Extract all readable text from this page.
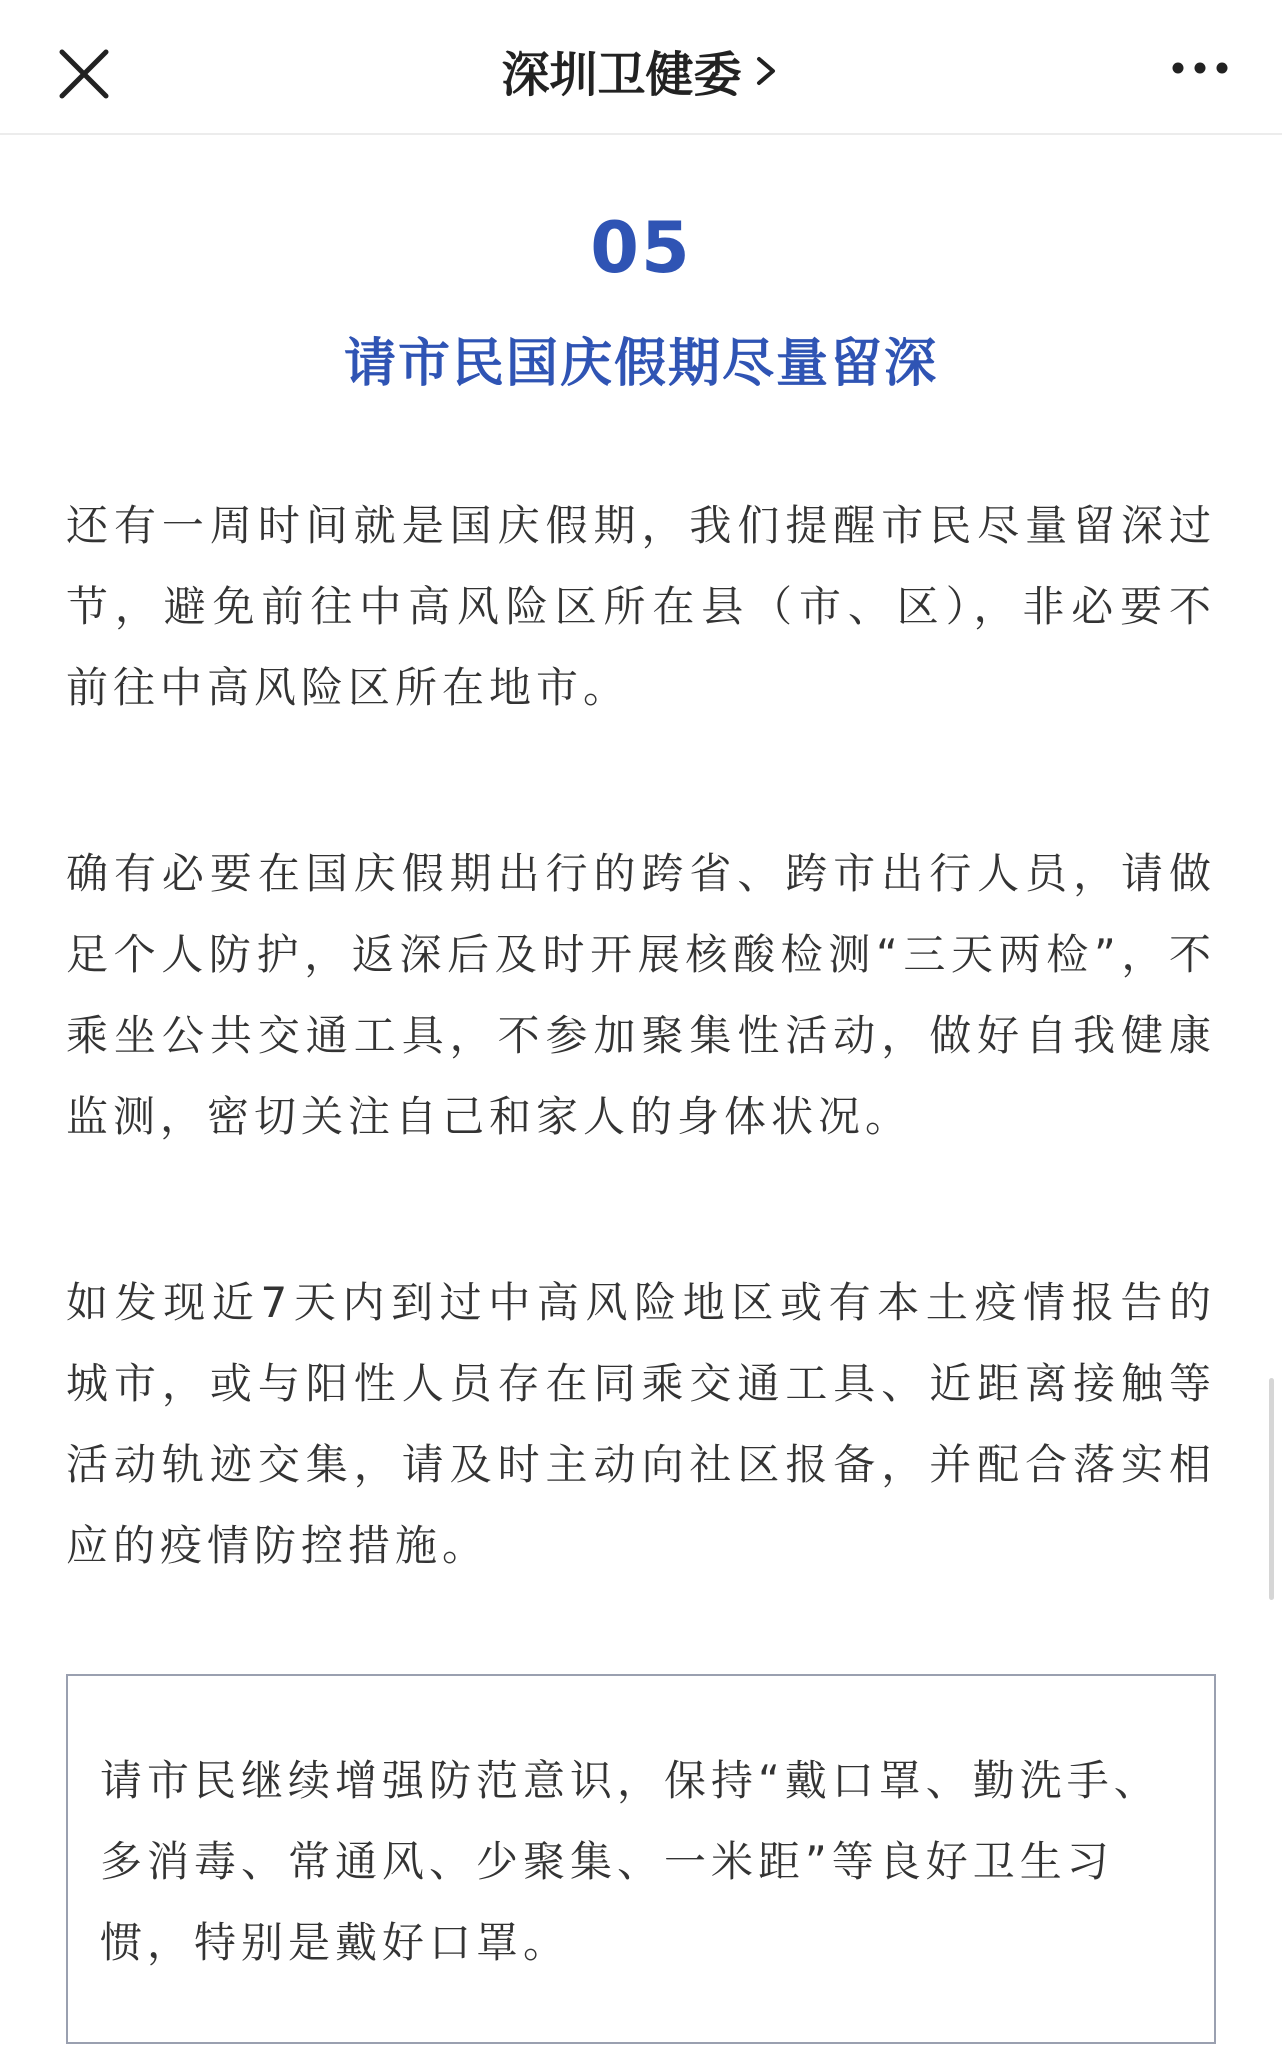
深圳卫健委
05
请市民国庆假期尽量留深

还有一周时间就是国庆假期，我们提醒市民尽量留深过节，避免前往中高风险区所在县（市、区），非必要不前往中高风险区所在地市。

确有必要在国庆假期出行的跨省、跨市出行人员，请做足个人防护，返深后及时开展核酸检测“三天两检”，不乘坐公共交通工具，不参加聚集性活动，做好自我健康监测，密切关注自己和家人的身体状况。

如发现近7天内到过中高风险地区或有本土疫情报告的城市，或与阳性人员存在同乘交通工具、近距离接触等活动轨迹交集，请及时主动向社区报备，并配合落实相应的疫情防控措施。

请市民继续增强防范意识，保持“戴口罩、勤洗手、多消毒、常通风、少聚集、一米距”等良好卫生习惯，特别是戴好口罩。
